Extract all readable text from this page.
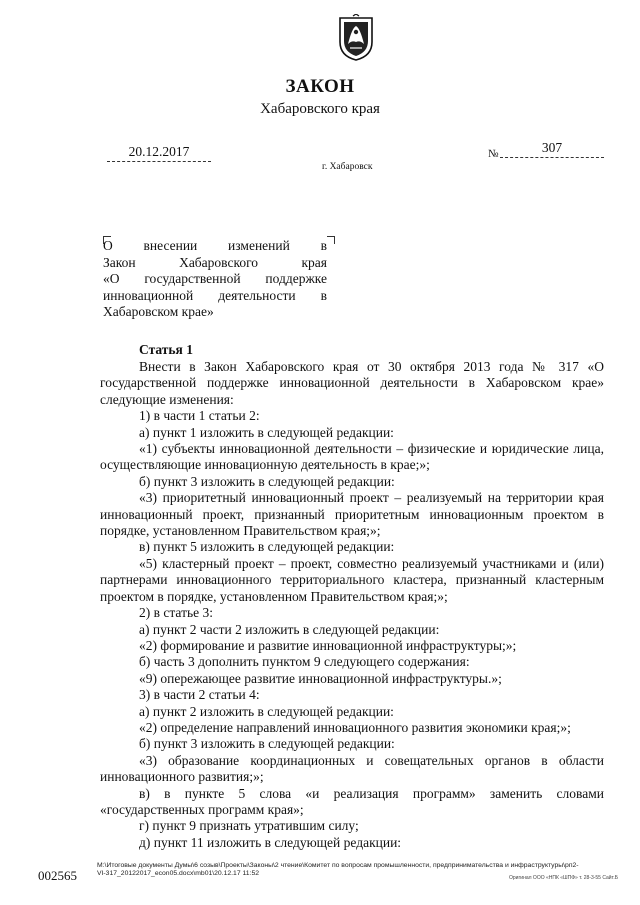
ЗАКОН
Хабаровского края
20.12.2017
г. Хабаровск
№	307
О внесении изменений в
Закон Хабаровского края
«О государственной поддержке
инновационной деятельности в
Хабаровском крае»

Статья 1

Внести в Закон Хабаровского края от 30 октября 2013 года № 317 «О государственной поддержке инновационной деятельности в Хабаровском крае» следующие изменения:

1) в части 1 статьи 2:

а) пункт 1 изложить в следующей редакции:

«1) субъекты инновационной деятельности – физические и юридические лица, осуществляющие инновационную деятельность в крае;»;

б) пункт 3 изложить в следующей редакции:

«3) приоритетный инновационный проект – реализуемый на территории края инновационный проект, признанный приоритетным инновационным проектом в порядке, установленном Правительством края;»;

в) пункт 5 изложить в следующей редакции:

«5) кластерный проект – проект, совместно реализуемый участниками и (или) партнерами инновационного территориального кластера, признанный кластерным проектом в порядке, установленном Правительством края;»;

2) в статье 3:

а) пункт 2 части 2 изложить в следующей редакции:

«2) формирование и развитие инновационной инфраструктуры;»;

б) часть 3 дополнить пунктом 9 следующего содержания:

«9) опережающее развитие инновационной инфраструктуры.»;

3) в части 2 статьи 4:

а) пункт 2 изложить в следующей редакции:

«2) определение направлений инновационного развития экономики края;»;

б) пункт 3 изложить в следующей редакции:

«3) образование координационных и совещательных органов в области инновационного развития;»;

в) в пункте 5 слова «и реализация программ» заменить словами «государственных программ края»;

г) пункт 9 признать утратившим силу;

д) пункт 11 изложить в следующей редакции:

002565
М:\Итоговые документы Думы\6 созыв\Проекты\Законы\2 чтение\Комитет по вопросам промышленности, предпринимательства и инфраструктуры\рп2-
VI-317_20122017_econ05.docx\mb01\20.12.17 11:52
Оригинал ООО «НПК «ШПФ» т. 28-3-55 Сайт.Б
